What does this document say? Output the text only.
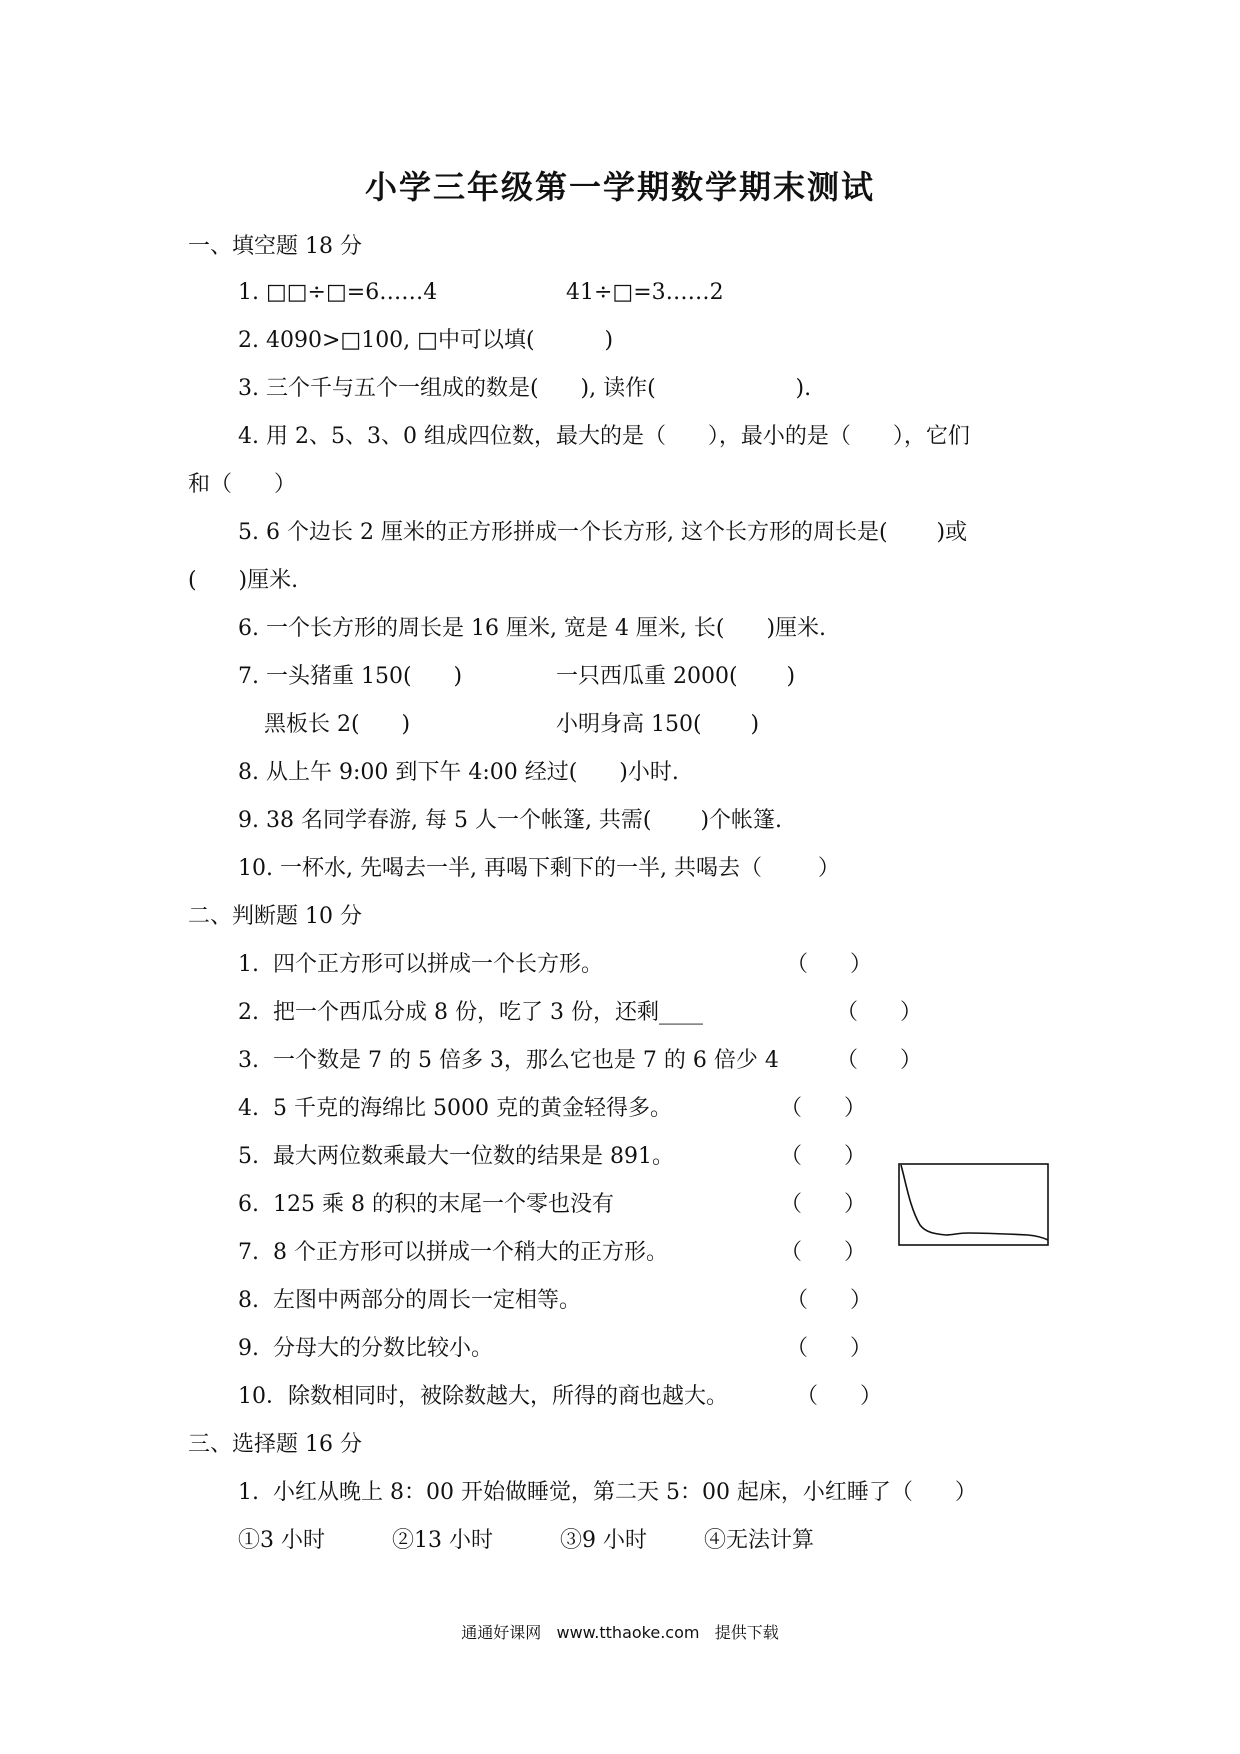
小学三年级第一学期数学期末测试
一、填空题 18 分
1. □□÷□=6……4	41÷□=3……2
2. 4090>□100, □中可以填(          )
3. 三个千与五个一组成的数是(      ), 读作(                    ).
4. 用 2、5、3、0 组成四位数，最大的是（      ），最小的是（      ），它们
和（      ）
5. 6 个边长 2 厘米的正方形拼成一个长方形, 这个长方形的周长是(       )或
(      )厘米.
6. 一个长方形的周长是 16 厘米, 宽是 4 厘米, 长(      )厘米.
7. 一头猪重 150(      )	一只西瓜重 2000(       )
黑板长 2(      )	小明身高 150(       )
8. 从上午 9:00 到下午 4:00 经过(      )小时.
9. 38 名同学春游, 每 5 人一个帐篷, 共需(       )个帐篷.
10. 一杯水, 先喝去一半, 再喝下剩下的一半, 共喝去（        ）
二、判断题 10 分
1.  四个正方形可以拼成一个长方形。	（      ）
2.  把一个西瓜分成 8 份，吃了 3 份，还剩____	（      ）
3.  一个数是 7 的 5 倍多 3，那么它也是 7 的 6 倍少 4	（      ）
4.  5 千克的海绵比 5000 克的黄金轻得多。	（      ）
5.  最大两位数乘最大一位数的结果是 891。	（      ）
6.  125 乘 8 的积的末尾一个零也没有	（      ）
7.  8 个正方形可以拼成一个稍大的正方形。	（      ）
8.  左图中两部分的周长一定相等。	（      ）
9.  分母大的分数比较小。	（      ）
10．除数相同时，被除数越大，所得的商也越大。	（      ）
三、选择题 16 分
1.  小红从晚上 8：00 开始做睡觉，第二天 5：00 起床，小红睡了（      ）
①3 小时	②13 小时	③9 小时	④无法计算
通通好课网   www.tthaoke.com   提供下载
